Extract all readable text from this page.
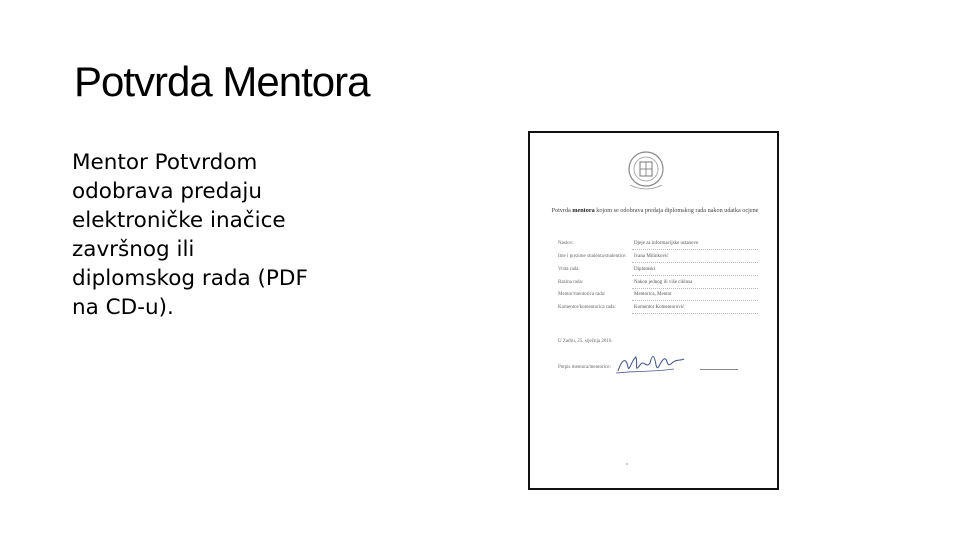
Potvrda Mentora

Mentor Potvrdom odobrava predaju elektroničke inačice završnog ili diplomskog rada (PDF na CD-u).

Potvrda mentora kojom se odobrava predaja diplomskog rada nakon udatka ocjene
Naslov:	Djeje za informacijske ustanove
Ime i prezime studenta/studentice: Ivana Milinković
Vrsta rada:	Diplomski
Razina rada:	Nakon jednog ili više ciklusa
Mentor/mentorica rada:	Mentorica, Mentor
Komentor/komentorica rada:	Komentor Komentorović
U Zadru, 25. siječnja 2016.
Potpis mentora/mentorice:
